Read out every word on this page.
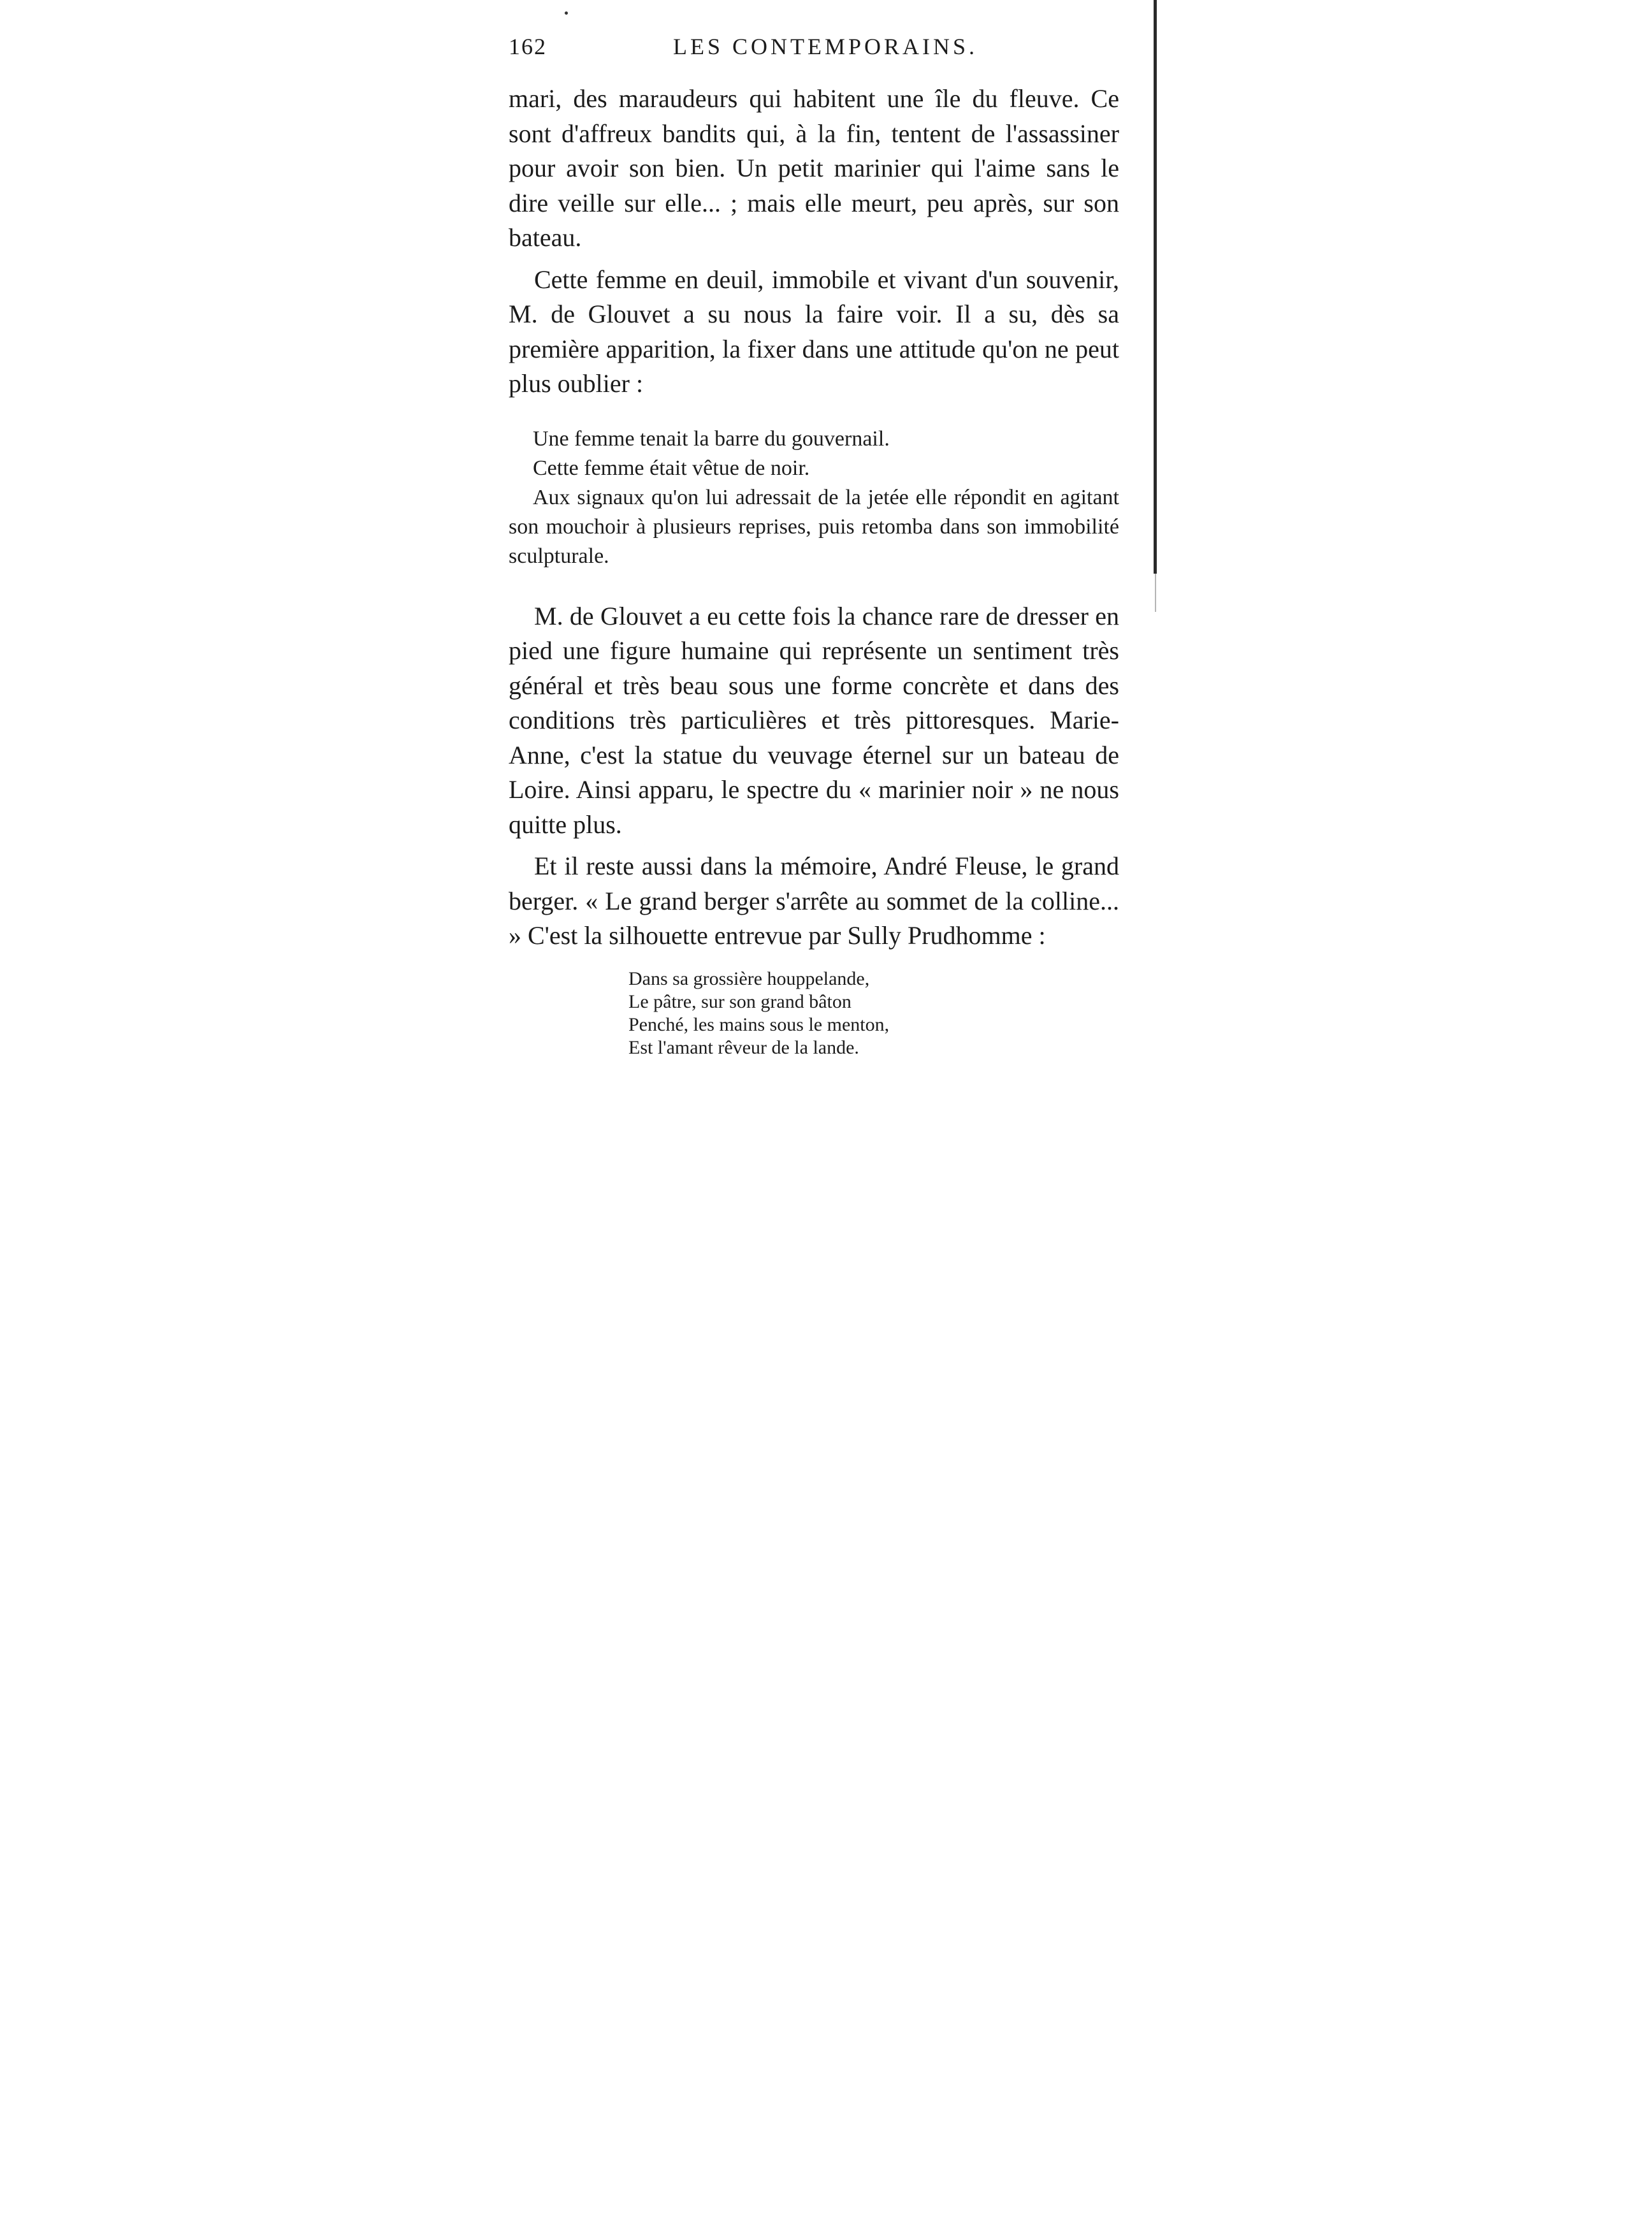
162	LES CONTEMPORAINS.

mari, des maraudeurs qui habitent une île du fleuve. Ce sont d'affreux bandits qui, à la fin, tentent de l'assassiner pour avoir son bien. Un petit marinier qui l'aime sans le dire veille sur elle... ; mais elle meurt, peu après, sur son bateau.

Cette femme en deuil, immobile et vivant d'un souvenir, M. de Glouvet a su nous la faire voir. Il a su, dès sa première apparition, la fixer dans une attitude qu'on ne peut plus oublier :

Une femme tenait la barre du gouvernail.
Cette femme était vêtue de noir.
Aux signaux qu'on lui adressait de la jetée elle répondit en agitant son mouchoir à plusieurs reprises, puis retomba dans son immobilité sculpturale.

M. de Glouvet a eu cette fois la chance rare de dresser en pied une figure humaine qui représente un sentiment très général et très beau sous une forme concrète et dans des conditions très particulières et très pittoresques. Marie-Anne, c'est la statue du veuvage éternel sur un bateau de Loire. Ainsi apparu, le spectre du « marinier noir » ne nous quitte plus.

Et il reste aussi dans la mémoire, André Fleuse, le grand berger. « Le grand berger s'arrête au sommet de la colline... » C'est la silhouette entrevue par Sully Prudhomme :

Dans sa grossière houppelande,
Le pâtre, sur son grand bâton
Penché, les mains sous le menton,
Est l'amant rêveur de la lande.
